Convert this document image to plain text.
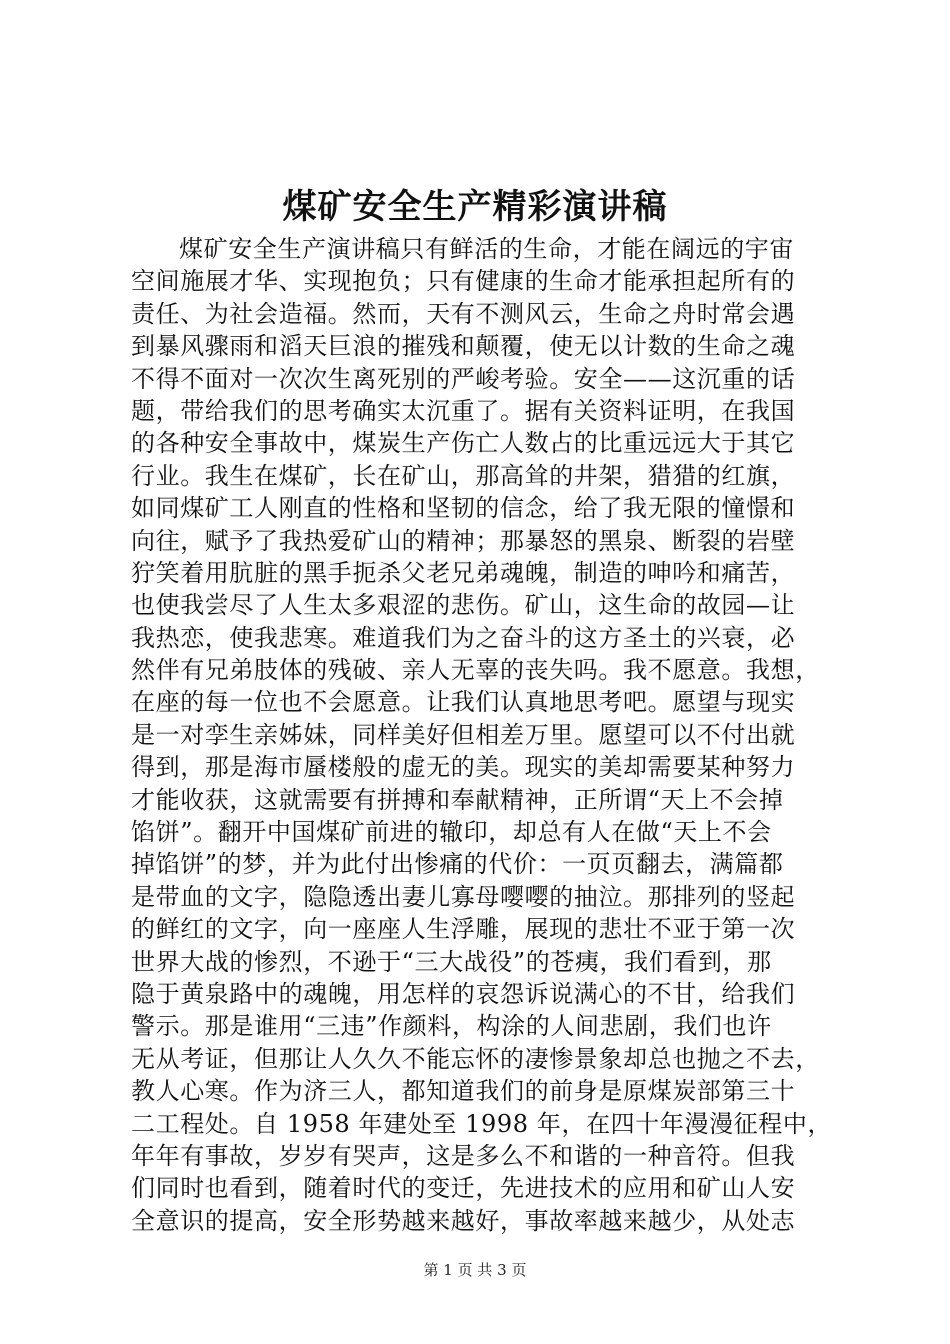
煤矿安全生产精彩演讲稿
煤矿安全生产演讲稿只有鲜活的生命，才能在阔远的宇宙
空间施展才华、实现抱负；只有健康的生命才能承担起所有的
责任、为社会造福。然而，天有不测风云，生命之舟时常会遇
到暴风骤雨和滔天巨浪的摧残和颠覆，使无以计数的生命之魂
不得不面对一次次生离死别的严峻考验。安全——这沉重的话
题，带给我们的思考确实太沉重了。据有关资料证明，在我国
的各种安全事故中，煤炭生产伤亡人数占的比重远远大于其它
行业。我生在煤矿，长在矿山，那高耸的井架，猎猎的红旗，
如同煤矿工人刚直的性格和坚韧的信念，给了我无限的憧憬和
向往，赋予了我热爱矿山的精神；那暴怒的黑泉、断裂的岩壁
狞笑着用肮脏的黑手扼杀父老兄弟魂魄，制造的呻吟和痛苦，
也使我尝尽了人生太多艰涩的悲伤。矿山，这生命的故园—让
我热恋，使我悲寒。难道我们为之奋斗的这方圣土的兴衰，必
然伴有兄弟肢体的残破、亲人无辜的丧失吗。我不愿意。我想，
在座的每一位也不会愿意。让我们认真地思考吧。愿望与现实
是一对孪生亲姊妹，同样美好但相差万里。愿望可以不付出就
得到，那是海市蜃楼般的虚无的美。现实的美却需要某种努力
才能收获，这就需要有拼搏和奉献精神，正所谓“天上不会掉
馅饼”。翻开中国煤矿前进的辙印，却总有人在做“天上不会
掉馅饼”的梦，并为此付出惨痛的代价：一页页翻去，满篇都
是带血的文字，隐隐透出妻儿寡母嘤嘤的抽泣。那排列的竖起
的鲜红的文字，向一座座人生浮雕，展现的悲壮不亚于第一次
世界大战的惨烈，不逊于“三大战役”的苍痍，我们看到，那
隐于黄泉路中的魂魄，用怎样的哀怨诉说满心的不甘，给我们
警示。那是谁用“三违”作颜料，构涂的人间悲剧，我们也许
无从考证，但那让人久久不能忘怀的凄惨景象却总也抛之不去，
教人心寒。作为济三人，都知道我们的前身是原煤炭部第三十
二工程处。自 1958 年建处至 1998 年，在四十年漫漫征程中，
年年有事故，岁岁有哭声，这是多么不和谐的一种音符。但我
们同时也看到，随着时代的变迁，先进技术的应用和矿山人安
全意识的提高，安全形势越来越好，事故率越来越少，从处志
第 1 页 共 3 页
